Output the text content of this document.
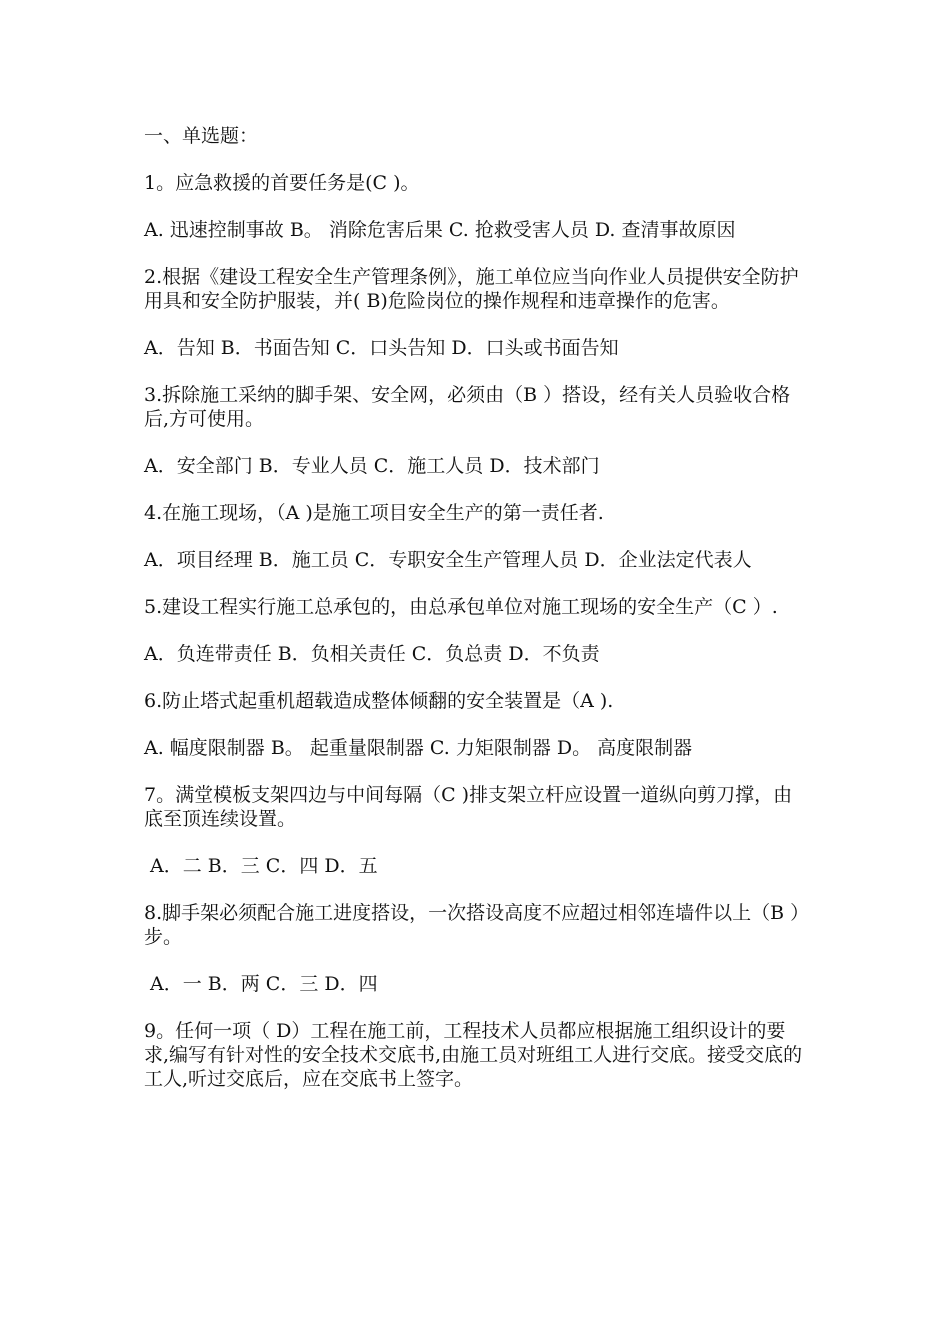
一、单选题：

1。应急救援的首要任务是(C )。

A. 迅速控制事故 B。 消除危害后果 C. 抢救受害人员 D. 查清事故原因

2.根据《建设工程安全生产管理条例》，施工单位应当向作业人员提供安全防护用具和安全防护服装，并( B)危险岗位的操作规程和违章操作的危害。

A．告知 B．书面告知 C．口头告知 D．口头或书面告知

3.拆除施工采纳的脚手架、安全网，必须由（B ）搭设，经有关人员验收合格后,方可使用。

A．安全部门 B．专业人员 C．施工人员 D．技术部门

4.在施工现场，（A )是施工项目安全生产的第一责任者.

A．项目经理 B．施工员 C．专职安全生产管理人员 D．企业法定代表人

5.建设工程实行施工总承包的，由总承包单位对施工现场的安全生产（C ）.

A．负连带责任 B．负相关责任 C．负总责 D．不负责

6.防止塔式起重机超载造成整体倾翻的安全装置是（A ).

A. 幅度限制器 B。 起重量限制器 C. 力矩限制器 D。 高度限制器

7。满堂模板支架四边与中间每隔（C )排支架立杆应设置一道纵向剪刀撑，由底至顶连续设置。

A．二 B．三 C．四 D．五

8.脚手架必须配合施工进度搭设，一次搭设高度不应超过相邻连墙件以上（B ）步。

A．一 B．两 C．三 D．四

9。任何一项（ D）工程在施工前，工程技术人员都应根据施工组织设计的要求,编写有针对性的安全技术交底书,由施工员对班组工人进行交底。接受交底的工人,听过交底后，应在交底书上签字。
